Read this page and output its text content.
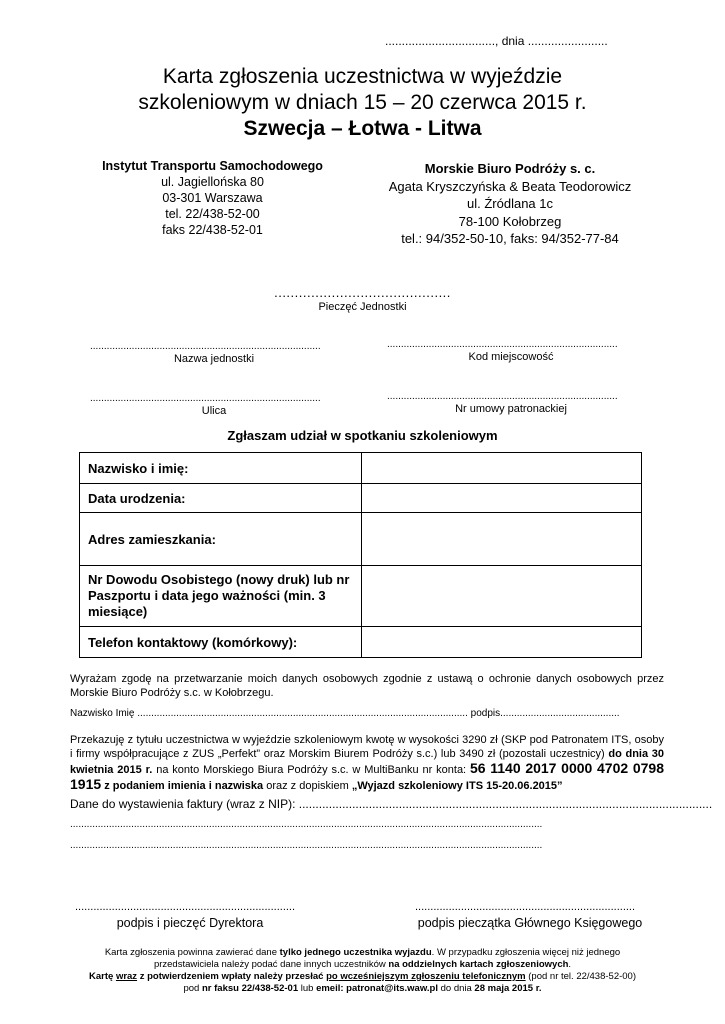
................................., dnia ........................
Karta zgłoszenia uczestnictwa w wyjeździe
szkoleniowym w dniach 15 – 20 czerwca 2015 r.
Szwecja – Łotwa - Litwa
Instytut Transportu Samochodowego
ul. Jagiellońska 80
03-301 Warszawa
tel. 22/438-52-00
faks 22/438-52-01
Morskie Biuro Podróży s. c.
Agata Kryszczyńska & Beata Teodorowicz
ul. Źródlana 1c
78-100 Kołobrzeg
tel.: 94/352-50-10, faks: 94/352-77-84
...........................................
Pieczęć Jednostki
...................................................................................
Nazwa jednostki
...................................................................................
Kod miejscowość
...................................................................................
Ulica
...................................................................................
Nr umowy patronackiej
Zgłaszam udział w spotkaniu szkoleniowym
Nazwisko i imię:	
Data urodzenia:	
Adres zamieszkania:	
Nr Dowodu Osobistego (nowy druk) lub nr Paszportu i data jego ważności (min. 3 miesiące)	
Telefon kontaktowy (komórkowy):	
Wyrażam zgodę na przetwarzanie moich danych osobowych zgodnie z ustawą o ochronie danych osobowych przez Morskie Biuro Podróży s.c. w Kołobrzegu.
Nazwisko Imię ....................................................................................................................... podpis...........................................
Przekazuję z tytułu uczestnictwa w wyjeździe szkoleniowym kwotę w wysokości 3290 zł (SKP pod Patronatem ITS, osoby i firmy współpracujące z ZUS „Perfekt” oraz Morskim Biurem Podróży s.c.) lub 3490 zł (pozostali uczestnicy) do dnia 30 kwietnia 2015 r. na konto Morskiego Biura Podróży s.c. w MultiBanku nr konta: 56 1140 2017 0000 4702 0798 1915 z podaniem imienia i nazwiska oraz z dopiskiem „Wyjazd szkoleniowy ITS 15-20.06.2015”
Dane do wystawienia faktury (wraz z NIP): ............................................................................................................................
..........................................................................................................................................................................
..........................................................................................................................................................................
........................................................................
podpis i pieczęć Dyrektora
........................................................................
podpis pieczątka Głównego Księgowego
Karta zgłoszenia powinna zawierać dane tylko jednego uczestnika wyjazdu. W przypadku zgłoszenia więcej niż jednego przedstawiciela należy podać dane innych uczestników na oddzielnych kartach zgłoszeniowych.
Kartę wraz z potwierdzeniem wpłaty należy przesłać po wcześniejszym zgłoszeniu telefonicznym (pod nr tel. 22/438-52-00) pod nr faksu 22/438-52-01 lub emeil: patronat@its.waw.pl do dnia 28 maja 2015 r.
